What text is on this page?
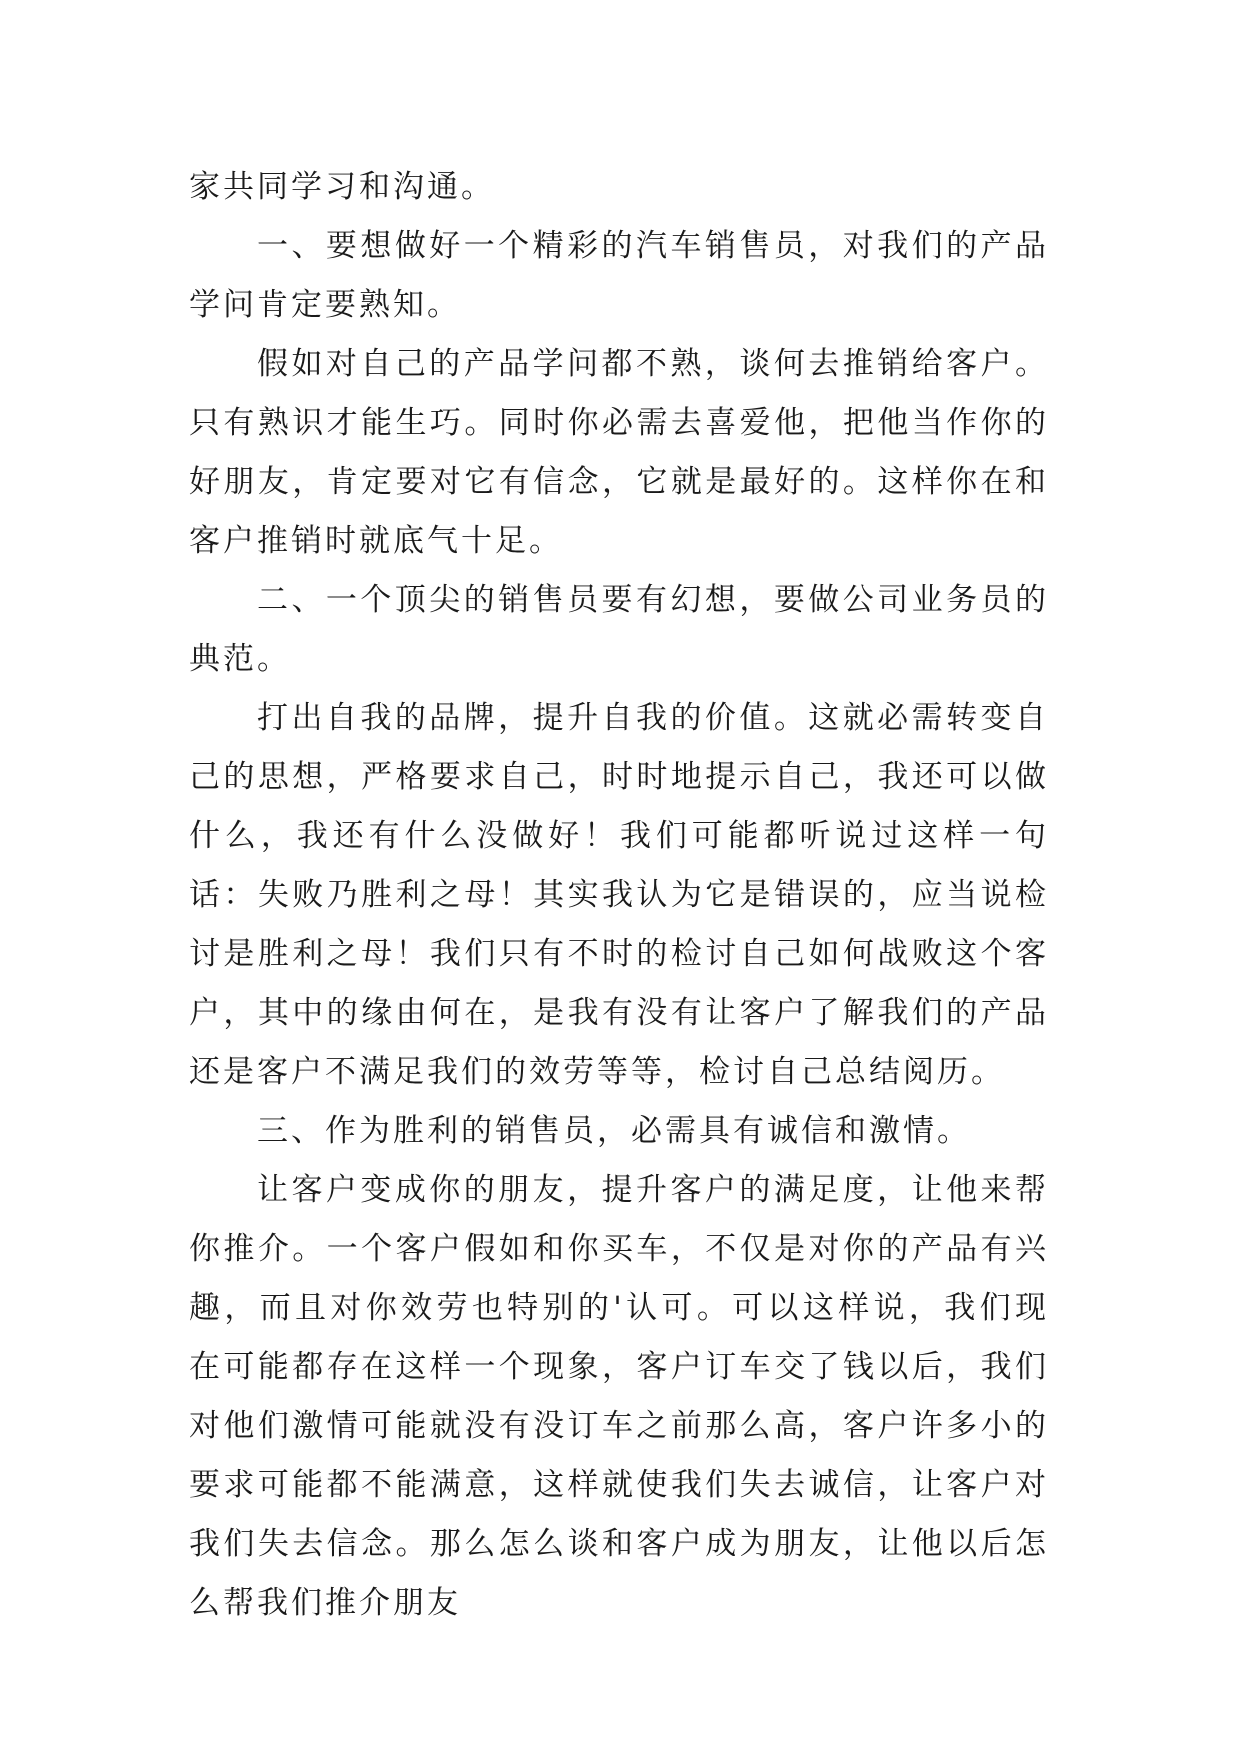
家共同学习和沟通。

一、要想做好一个精彩的汽车销售员，对我们的产品学问肯定要熟知。

假如对自己的产品学问都不熟，谈何去推销给客户。只有熟识才能生巧。同时你必需去喜爱他，把他当作你的好朋友，肯定要对它有信念，它就是最好的。这样你在和客户推销时就底气十足。

二、一个顶尖的销售员要有幻想，要做公司业务员的典范。

打出自我的品牌，提升自我的价值。这就必需转变自己的思想，严格要求自己，时时地提示自己，我还可以做什么，我还有什么没做好！我们可能都听说过这样一句话：失败乃胜利之母！其实我认为它是错误的，应当说检讨是胜利之母！我们只有不时的检讨自己如何战败这个客户，其中的缘由何在，是我有没有让客户了解我们的产品还是客户不满足我们的效劳等等，检讨自己总结阅历。

三、作为胜利的销售员，必需具有诚信和激情。

让客户变成你的朋友，提升客户的满足度，让他来帮你推介。一个客户假如和你买车，不仅是对你的产品有兴趣，而且对你效劳也特别的'认可。可以这样说，我们现在可能都存在这样一个现象，客户订车交了钱以后，我们对他们激情可能就没有没订车之前那么高，客户许多小的要求可能都不能满意，这样就使我们失去诚信，让客户对我们失去信念。那么怎么谈和客户成为朋友，让他以后怎么帮我们推介朋友
